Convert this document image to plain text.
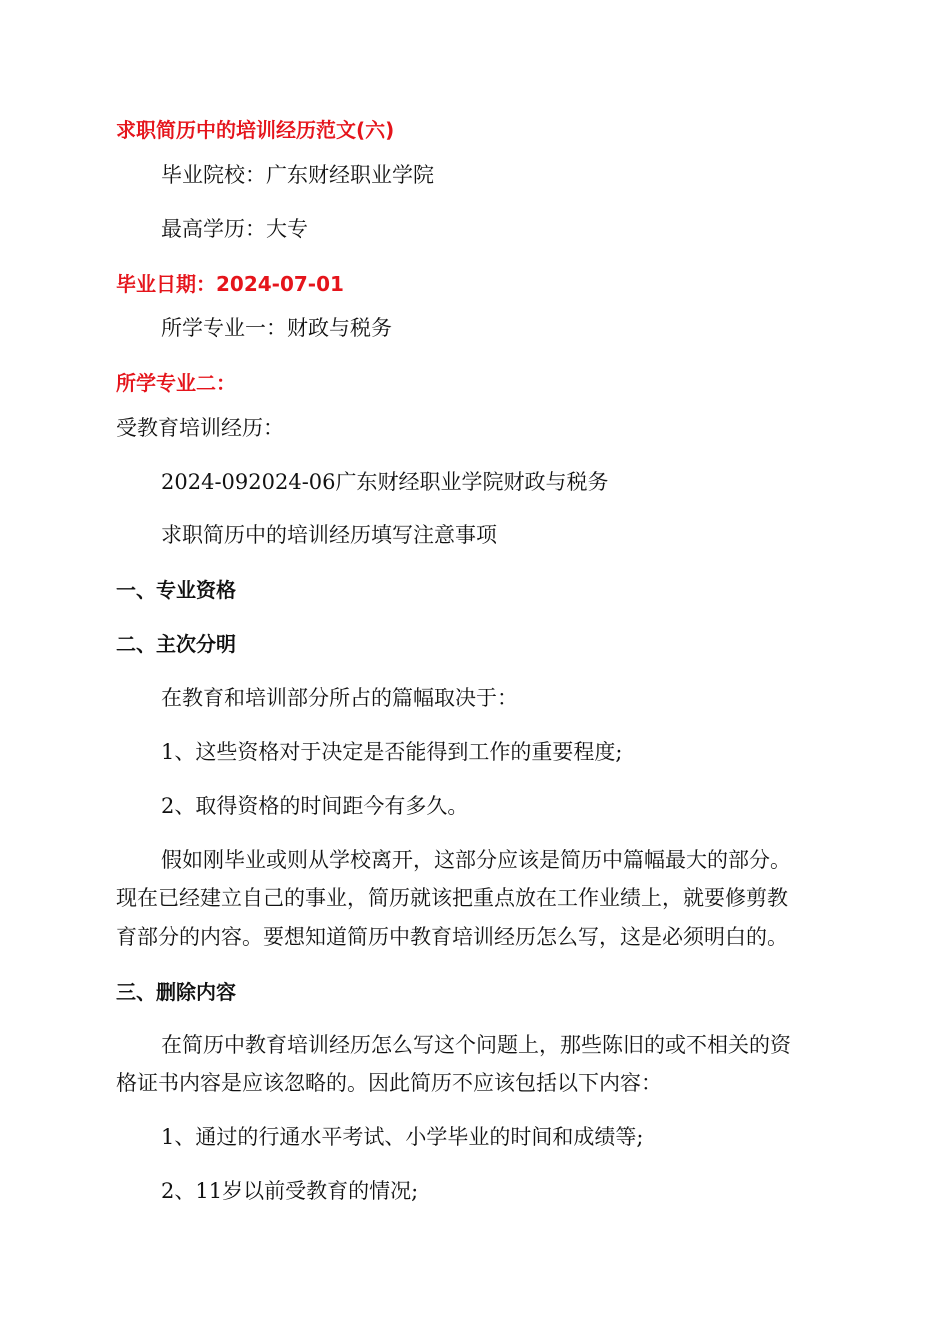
求职简历中的培训经历范文(六)
毕业院校：广东财经职业学院
最高学历：大专
毕业日期：2024-07-01
所学专业一：财政与税务
所学专业二：
受教育培训经历：
2024-092024-06广东财经职业学院财政与税务
求职简历中的培训经历填写注意事项
一、专业资格
二、主次分明
在教育和培训部分所占的篇幅取决于：
1、这些资格对于决定是否能得到工作的重要程度;
2、取得资格的时间距今有多久。
假如刚毕业或则从学校离开，这部分应该是简历中篇幅最大的部分。
现在已经建立自己的事业，简历就该把重点放在工作业绩上，就要修剪教
育部分的内容。要想知道简历中教育培训经历怎么写，这是必须明白的。
三、删除内容
在简历中教育培训经历怎么写这个问题上，那些陈旧的或不相关的资
格证书内容是应该忽略的。因此简历不应该包括以下内容：
1、通过的行通水平考试、小学毕业的时间和成绩等;
2、11岁以前受教育的情况;
